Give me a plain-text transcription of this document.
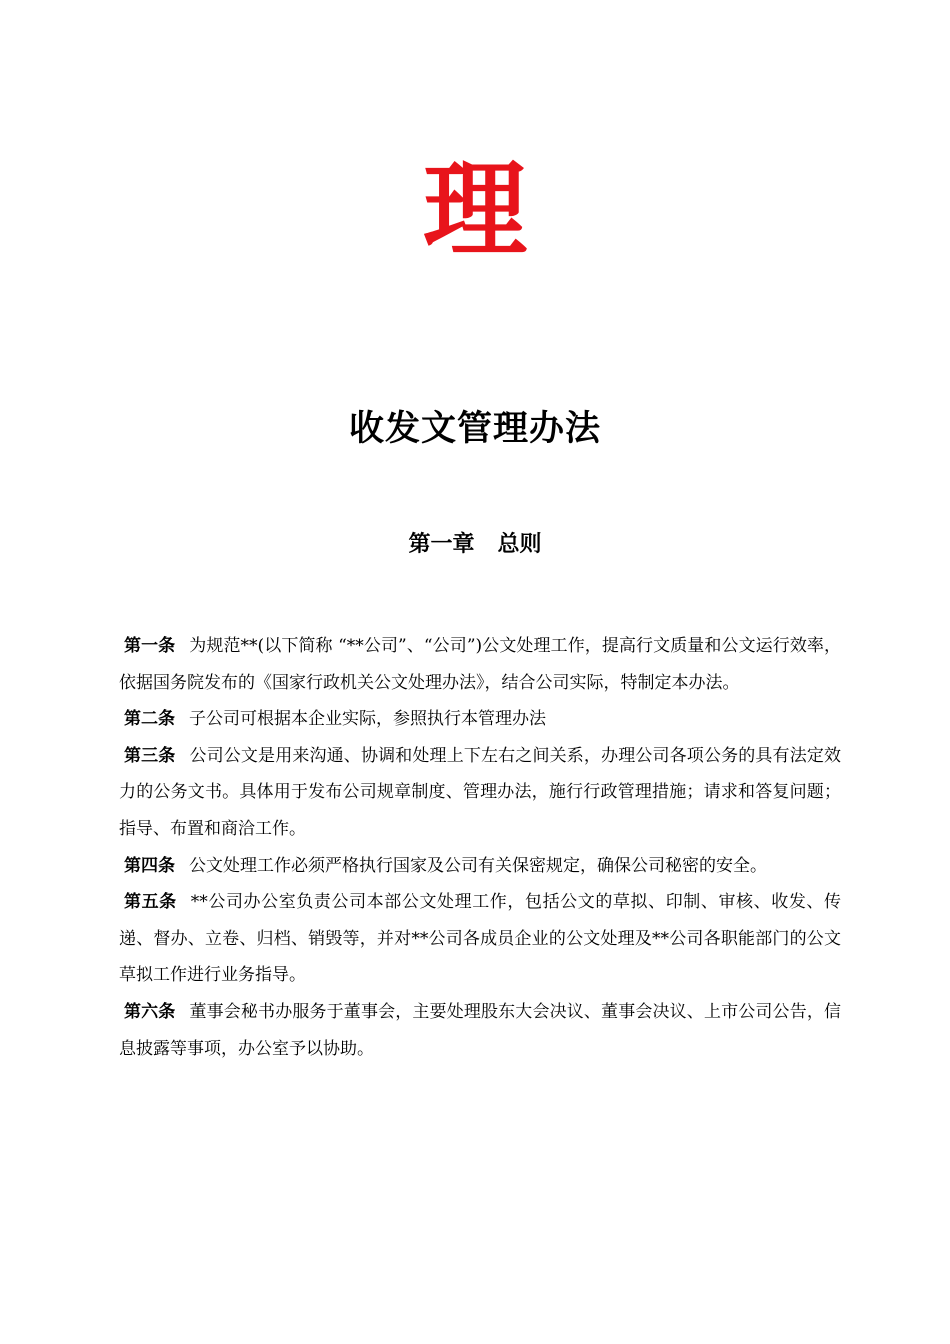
理
收发文管理办法
第一章   总则

第一条 为规范**(以下简称 “**公司”、“公司”)公文处理工作，提高行文质量和公文运行效率，依据国务院发布的《国家行政机关公文处理办法》，结合公司实际，特制定本办法。

第二条 子公司可根据本企业实际，参照执行本管理办法

第三条 公司公文是用来沟通、协调和处理上下左右之间关系，办理公司各项公务的具有法定效力的公务文书。具体用于发布公司规章制度、管理办法，施行行政管理措施；请求和答复问题；指导、布置和商洽工作。

第四条 公文处理工作必须严格执行国家及公司有关保密规定，确保公司秘密的安全。

第五条 **公司办公室负责公司本部公文处理工作，包括公文的草拟、印制、审核、收发、传递、督办、立卷、归档、销毁等，并对**公司各成员企业的公文处理及**公司各职能部门的公文草拟工作进行业务指导。

第六条 董事会秘书办服务于董事会，主要处理股东大会决议、董事会决议、上市公司公告，信息披露等事项，办公室予以协助。
